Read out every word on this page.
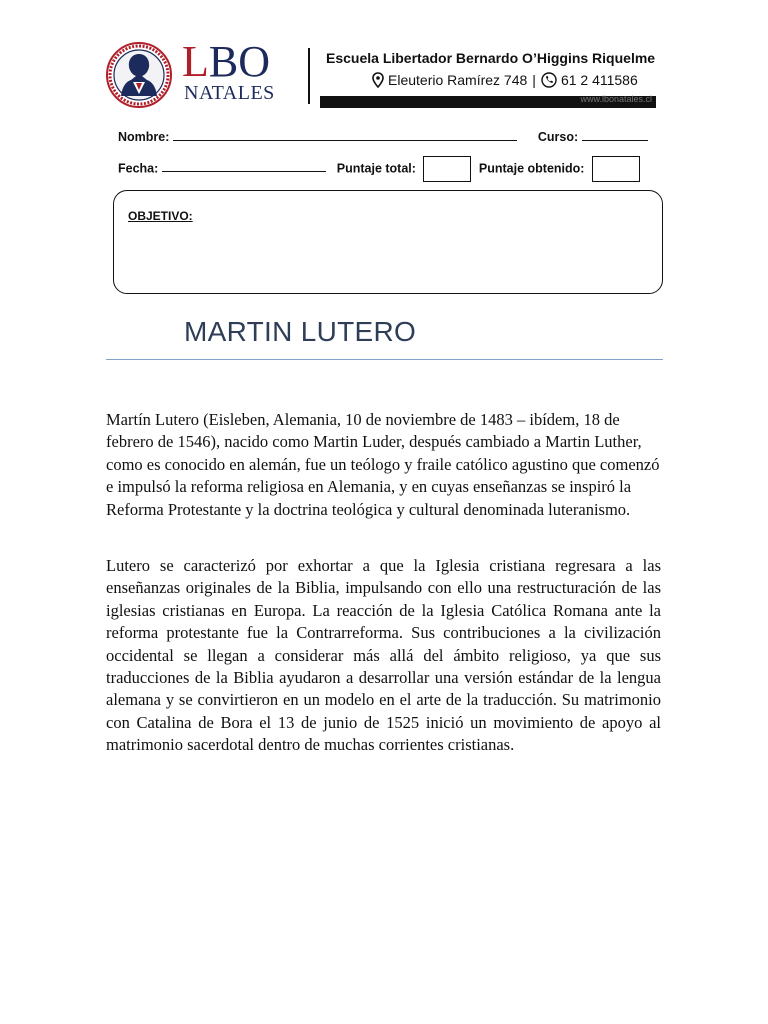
LBO
NATALES
Escuela Libertador Bernardo O’Higgins Riquelme
Eleuterio Ramírez 748 | 61 2 411586
www.lbonatales.cl
Nombre:	Curso:
Fecha:	Puntaje total:	Puntaje obtenido:
OBJETIVO:
MARTIN LUTERO

Martín Lutero (Eisleben, Alemania, 10 de noviembre de 1483 – ibídem, 18 de febrero de 1546), nacido como Martin Luder, después cambiado a Martin Luther, como es conocido en alemán, fue un teólogo y fraile católico agustino que comenzó e impulsó la reforma religiosa en Alemania, y en cuyas enseñanzas se inspiró la Reforma Protestante y la doctrina teológica y cultural denominada luteranismo.

Lutero se caracterizó por exhortar a que la Iglesia cristiana regresara a las enseñanzas originales de la Biblia, impulsando con ello una restructuración de las iglesias cristianas en Europa. La reacción de la Iglesia Católica Romana ante la reforma protestante fue la Contrarreforma. Sus contribuciones a la civilización occidental se llegan a considerar más allá del ámbito religioso, ya que sus traducciones de la Biblia ayudaron a desarrollar una versión estándar de la lengua alemana y se convirtieron en un modelo en el arte de la traducción. Su matrimonio con Catalina de Bora el 13 de junio de 1525 inició un movimiento de apoyo al matrimonio sacerdotal dentro de muchas corrientes cristianas.
